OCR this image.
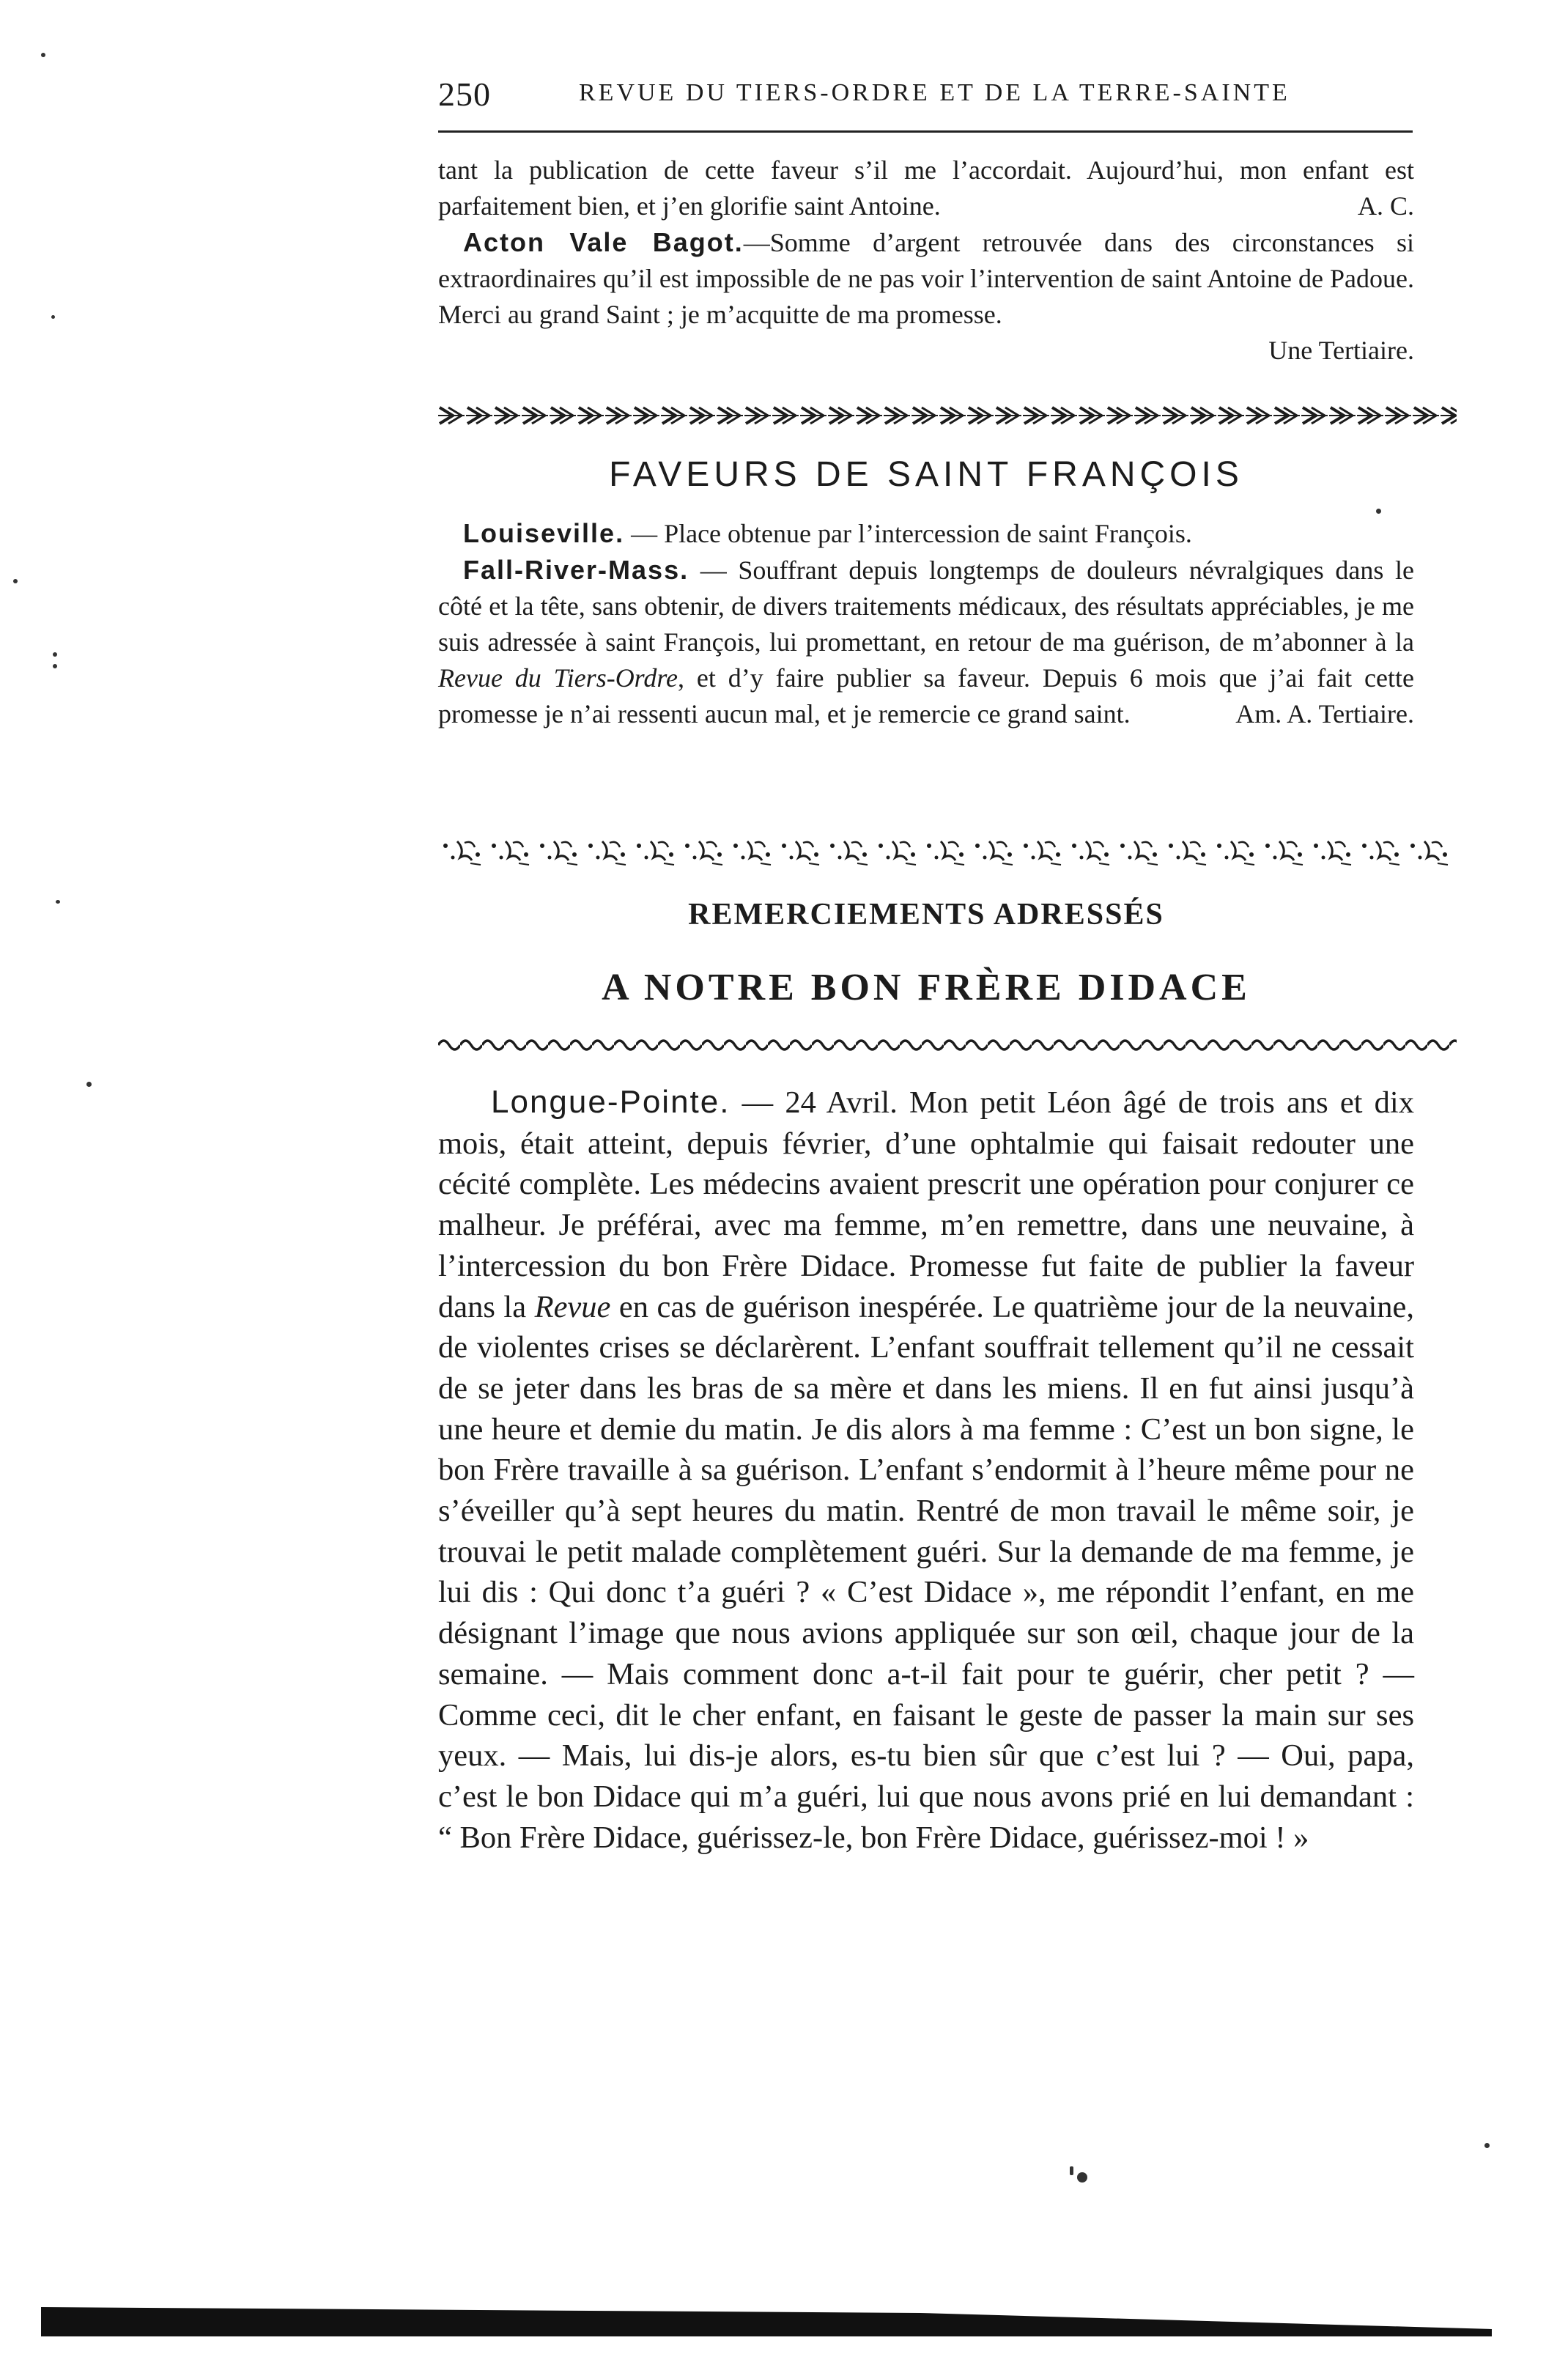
250	REVUE DU TIERS-ORDRE ET DE LA TERRE-SAINTE

tant la publication de cette faveur s’il me l’accordait. Aujourd’hui, mon enfant est parfaitement bien, et j’en glorifie saint Antoine.	A. C.

Acton Vale Bagot.—Somme d’argent retrouvée dans des circonstances si extraordinaires qu’il est impossible de ne pas voir l’intervention de saint Antoine de Padoue. Merci au grand Saint ; je m’acquitte de ma promesse.
Une Tertiaire.

FAVEURS DE SAINT FRANÇOIS

Louiseville. — Place obtenue par l’intercession de saint François.

Fall-River-Mass. — Souffrant depuis longtemps de douleurs névralgiques dans le côté et la tête, sans obtenir, de divers traitements médicaux, des résultats appréciables, je me suis adressée à saint François, lui promettant, en retour de ma guérison, de m’abonner à la Revue du Tiers-Ordre, et d’y faire publier sa faveur. Depuis 6 mois que j’ai fait cette promesse je n’ai ressenti aucun mal, et je remercie ce grand saint.	Am. A. Tertiaire.

REMERCIEMENTS ADRESSÉS
A NOTRE BON FRÈRE DIDACE

Longue-Pointe. — 24 Avril. Mon petit Léon âgé de trois ans et dix mois, était atteint, depuis février, d’une ophtalmie qui faisait redouter une cécité complète. Les médecins avaient prescrit une opération pour conjurer ce malheur. Je préférai, avec ma femme, m’en remettre, dans une neuvaine, à l’intercession du bon Frère Didace. Promesse fut faite de publier la faveur dans la Revue en cas de guérison inespérée. Le quatrième jour de la neuvaine, de violentes crises se déclarèrent. L’enfant souffrait tellement qu’il ne cessait de se jeter dans les bras de sa mère et dans les miens. Il en fut ainsi jusqu’à une heure et demie du matin. Je dis alors à ma femme : C’est un bon signe, le bon Frère travaille à sa guérison. L’enfant s’endormit à l’heure même pour ne s’éveiller qu’à sept heures du matin. Rentré de mon travail le même soir, je trouvai le petit malade complètement guéri. Sur la demande de ma femme, je lui dis : Qui donc t’a guéri ? « C’est Didace », me répondit l’enfant, en me désignant l’image que nous avions appliquée sur son œil, chaque jour de la semaine. — Mais comment donc a-t-il fait pour te guérir, cher petit ? — Comme ceci, dit le cher enfant, en faisant le geste de passer la main sur ses yeux. — Mais, lui dis-je alors, es-tu bien sûr que c’est lui ? — Oui, papa, c’est le bon Didace qui m’a guéri, lui que nous avons prié en lui demandant : “ Bon Frère Didace, guérissez-le, bon Frère Didace, guérissez-moi ! »
